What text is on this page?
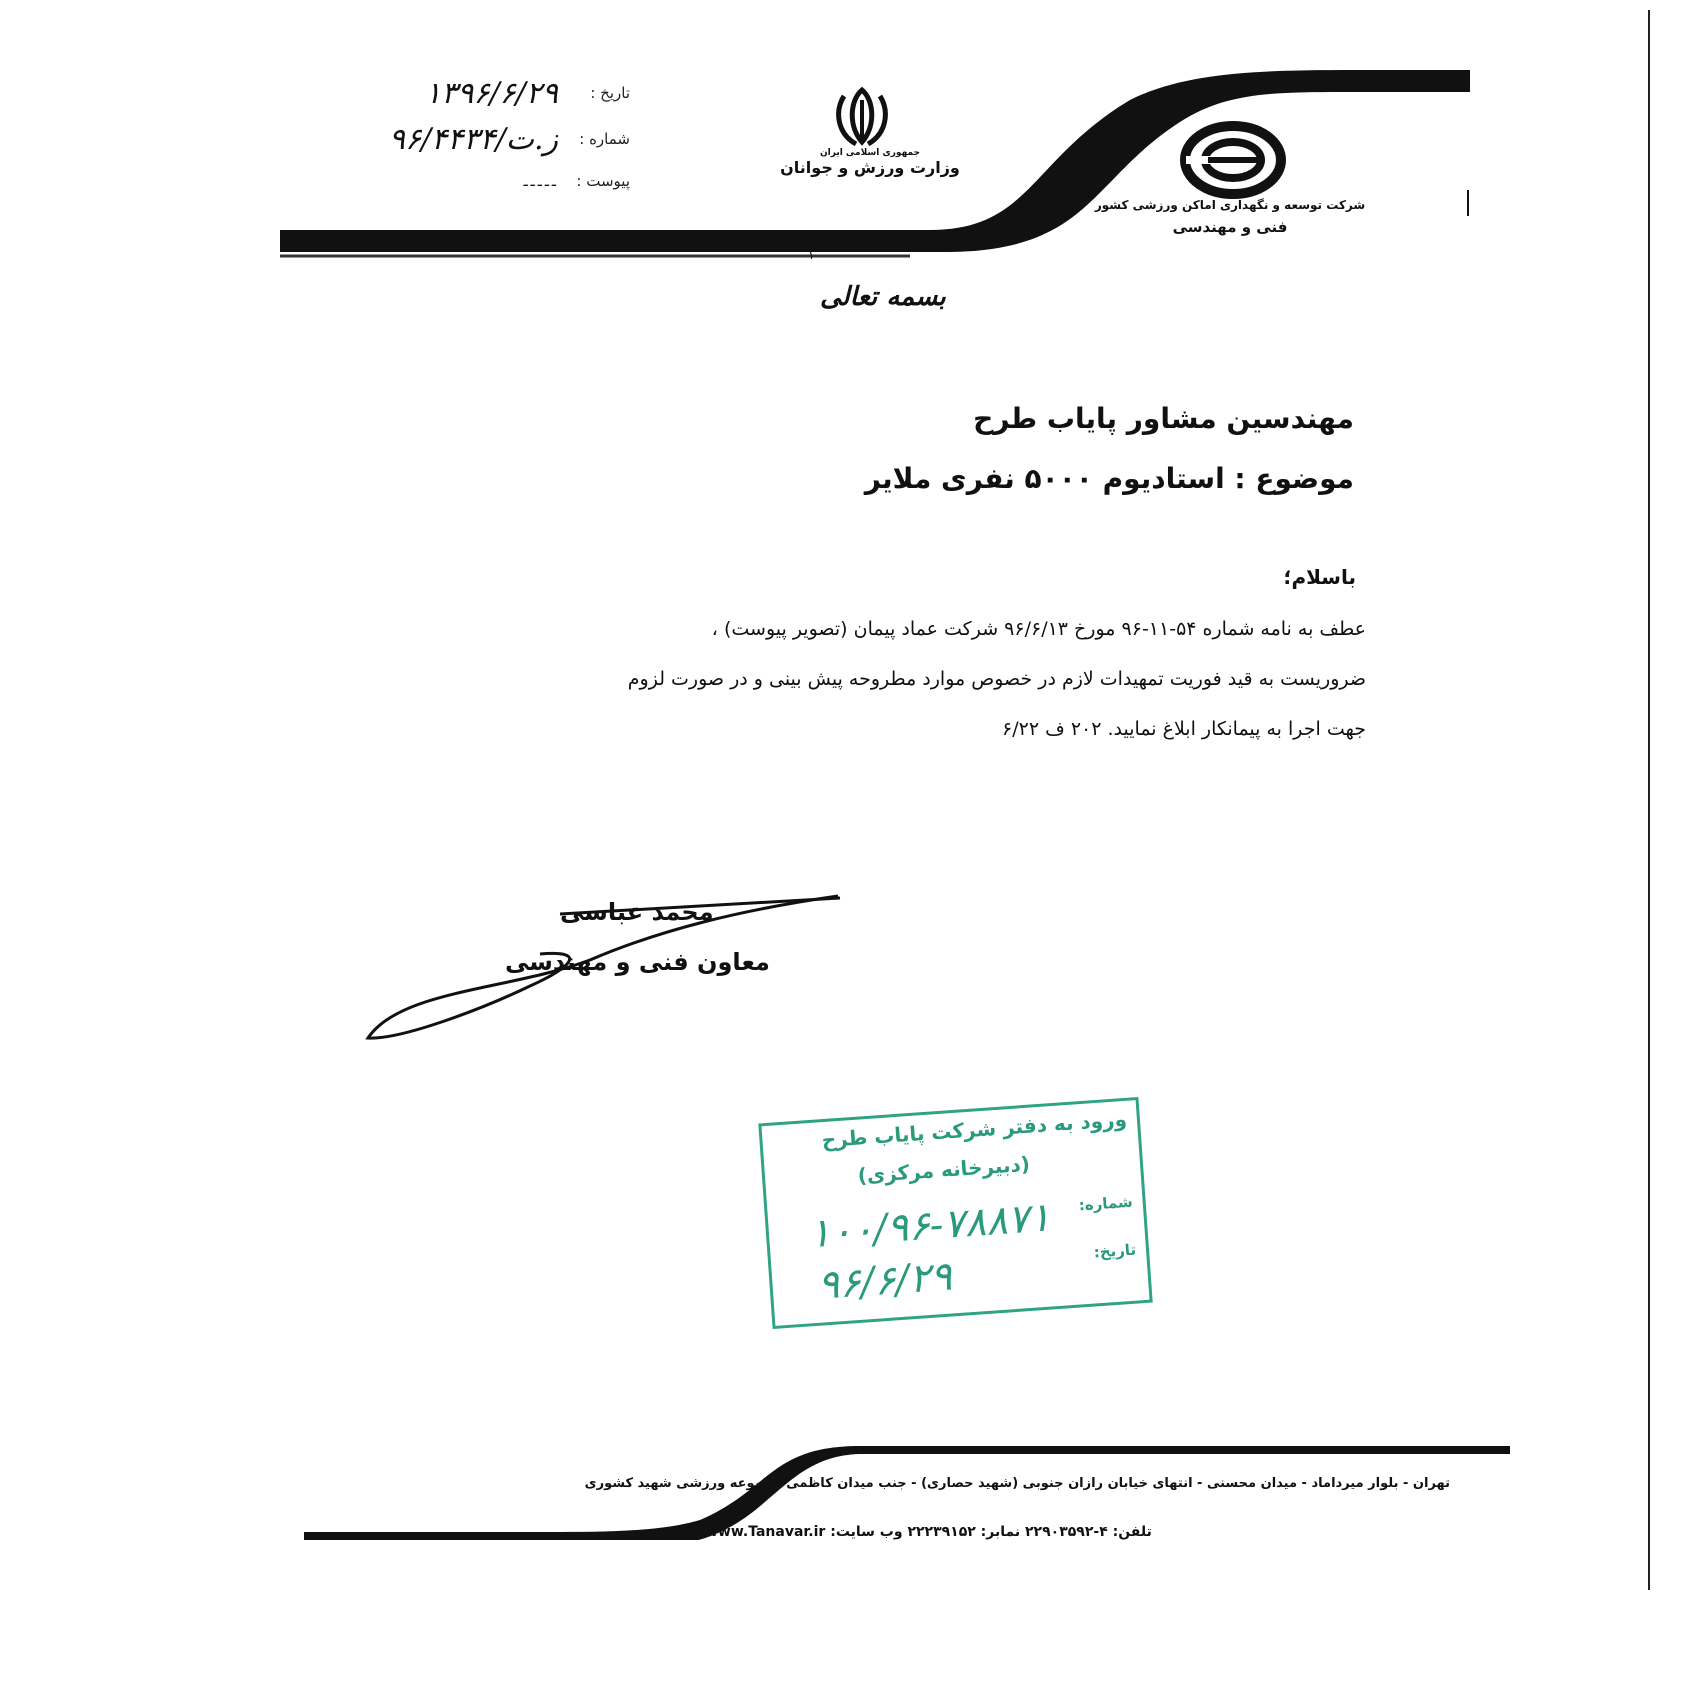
تاریخ :
۱۳۹۶/۶/۲۹
شماره :
۹۶/۴۴۳۴/ز.ت
پیوست :
-----
جمهوری اسلامی ایران
وزارت ورزش و جوانان
شرکت توسعه و نگهداری اماکن ورزشی کشور
فنی و مهندسی
۱
بسمه تعالی
مهندسین مشاور پایاب طرح
موضوع : استادیوم ۵۰۰۰ نفری ملایر
باسلام؛
عطف به نامه شماره ۵۴-۱۱-۹۶ مورخ ۹۶/۶/۱۳ شرکت عماد پیمان (تصویر پیوست) ،
ضروریست به قید فوریت تمهیدات لازم در خصوص موارد مطروحه پیش بینی و در صورت لزوم
جهت اجرا به پیمانکار ابلاغ نمایید. ۲۰۲ ف ۶/۲۲
محمد عباسی
معاون فنی و مهندسی
ورود به دفتر شرکت پایاب طرح
(دبیرخانه مرکزی)
شماره:
۱۰۰/۹۶-۷۸۸۷۱	تاریخ:
۹۶/۶/۲۹
تهران - بلوار میرداماد - میدان محسنی - انتهای خیابان رازان جنوبی (شهید حصاری) - جنب میدان کاظمی-مجموعه ورزشی شهید کشوری
تلفن: ۴-۲۲۹۰۳۵۹۲ نمابر: ۲۲۲۳۹۱۵۲ وب سایت: www.Tanavar.ir
